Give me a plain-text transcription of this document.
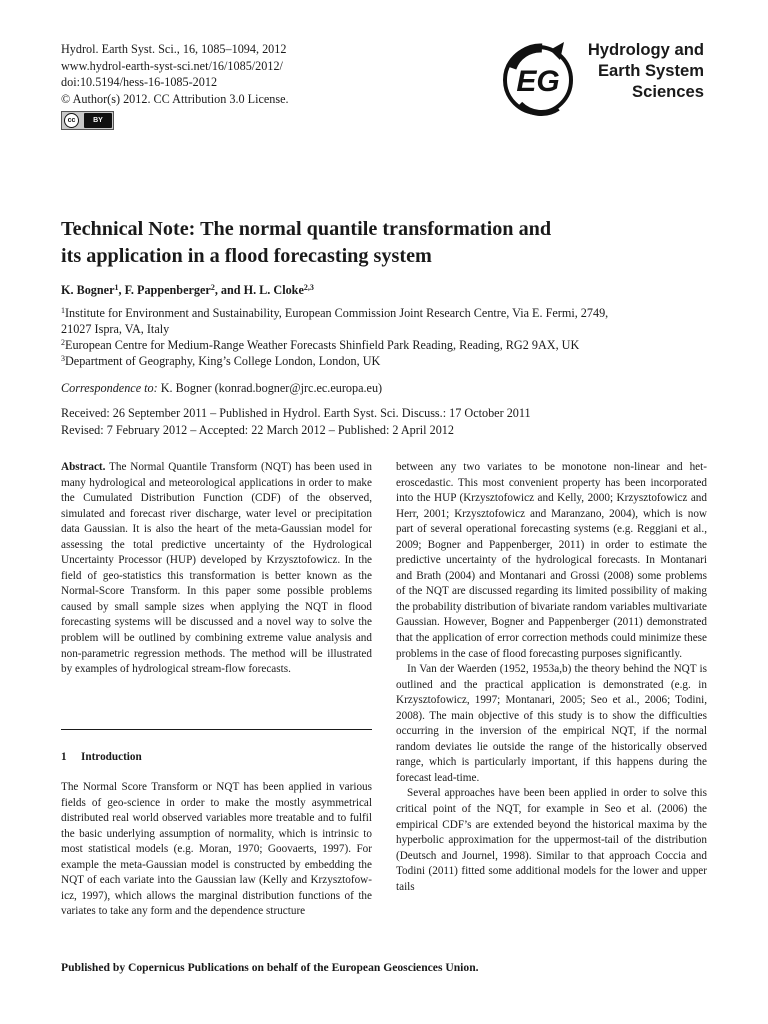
Hydrol. Earth Syst. Sci., 16, 1085–1094, 2012
www.hydrol-earth-syst-sci.net/16/1085/2012/
doi:10.5194/hess-16-1085-2012
© Author(s) 2012. CC Attribution 3.0 License.
cc	BY
EG
Hydrology and
Earth System
Sciences
Technical Note: The normal quantile transformation and
its application in a flood forecasting system
K. Bogner$^1$, F. Pappenberger$^2$, and H. L. Cloke$^{2,3}$

$^1$Institute for Environment and Sustainability, European Commission Joint Research Centre, Via E. Fermi, 2749,

21027 Ispra, VA, Italy

$^2$European Centre for Medium-Range Weather Forecasts Shinfield Park Reading, Reading, RG2 9AX, UK

$^3$Department of Geography, King’s College London, London, UK

Correspondence to: K. Bogner (konrad.bogner@jrc.ec.europa.eu)
Received: 26 September 2011 – Published in Hydrol. Earth Syst. Sci. Discuss.: 17 October 2011
Revised: 7 February 2012 – Accepted: 22 March 2012 – Published: 2 April 2012

Abstract. The Normal Quantile Transform (NQT) has been used in many hydrological and meteorological applications in order to make the Cumulated Distribution Function (CDF) of the observed, simulated and forecast river discharge, water level or precipitation data Gaussian. It is also the heart of the meta-Gaussian model for assessing the total predictive uncertainty of the Hydrological Uncertainty Processor (HUP) developed by Krzysztofowicz. In the field of geo-statistics this transformation is better known as the Normal-Score Transform. In this paper some possible problems caused by small sample sizes when applying the NQT in flood forecasting systems will be discussed and a novel way to solve the problem will be outlined by combining extreme value analysis and non-parametric regression methods. The method will be illustrated by examples of hydrological stream-flow forecasts.

1 Introduction

The Normal Score Transform or NQT has been applied in various fields of geo-science in order to make the mostly asymmetrical distributed real world observed variables more treatable and to fulfil the basic underlying assumption of normality, which is intrinsic to most statistical models (e.g. Moran, 1970; Goovaerts, 1997). For example the meta-Gaussian model is constructed by embedding the NQT of each variate into the Gaussian law (Kelly and Krzysztofowicz, 1997), which allows the marginal distribution functions of the variates to take any form and the dependence structure

between any two variates to be monotone non-linear and heteroscedastic. This most convenient property has been incorporated into the HUP (Krzysztofowicz and Kelly, 2000; Krzysztofowicz and Herr, 2001; Krzysztofowicz and Maranzano, 2004), which is now part of several operational forecasting systems (e.g. Reggiani et al., 2009; Bogner and Pappenberger, 2011) in order to estimate the predictive uncertainty of the hydrological forecasts. In Montanari and Brath (2004) and Montanari and Grossi (2008) some problems of the NQT are discussed regarding its limited possibility of making the probability distribution of bivariate random variables multivariate Gaussian. However, Bogner and Pappenberger (2011) demonstrated that the application of error correction methods could minimize these problems in the case of flood forecasting purposes significantly.

In Van der Waerden (1952, 1953a,b) the theory behind the NQT is outlined and the practical application is demonstrated (e.g. in Krzysztofowicz, 1997; Montanari, 2005; Seo et al., 2006; Todini, 2008). The main objective of this study is to show the difficulties occurring in the inversion of the empirical NQT, if the normal random deviates lie outside the range of the historically observed range, which is particularly important, if this happens during the forecast lead-time.

Several approaches have been been applied in order to solve this critical point of the NQT, for example in Seo et al. (2006) the empirical CDF’s are extended beyond the historical maxima by the hyperbolic approximation for the uppermost-tail of the distribution (Deutsch and Journel, 1998). Similar to that approach Coccia and Todini (2011) fitted some additional models for the lower and upper tails

Published by Copernicus Publications on behalf of the European Geosciences Union.
